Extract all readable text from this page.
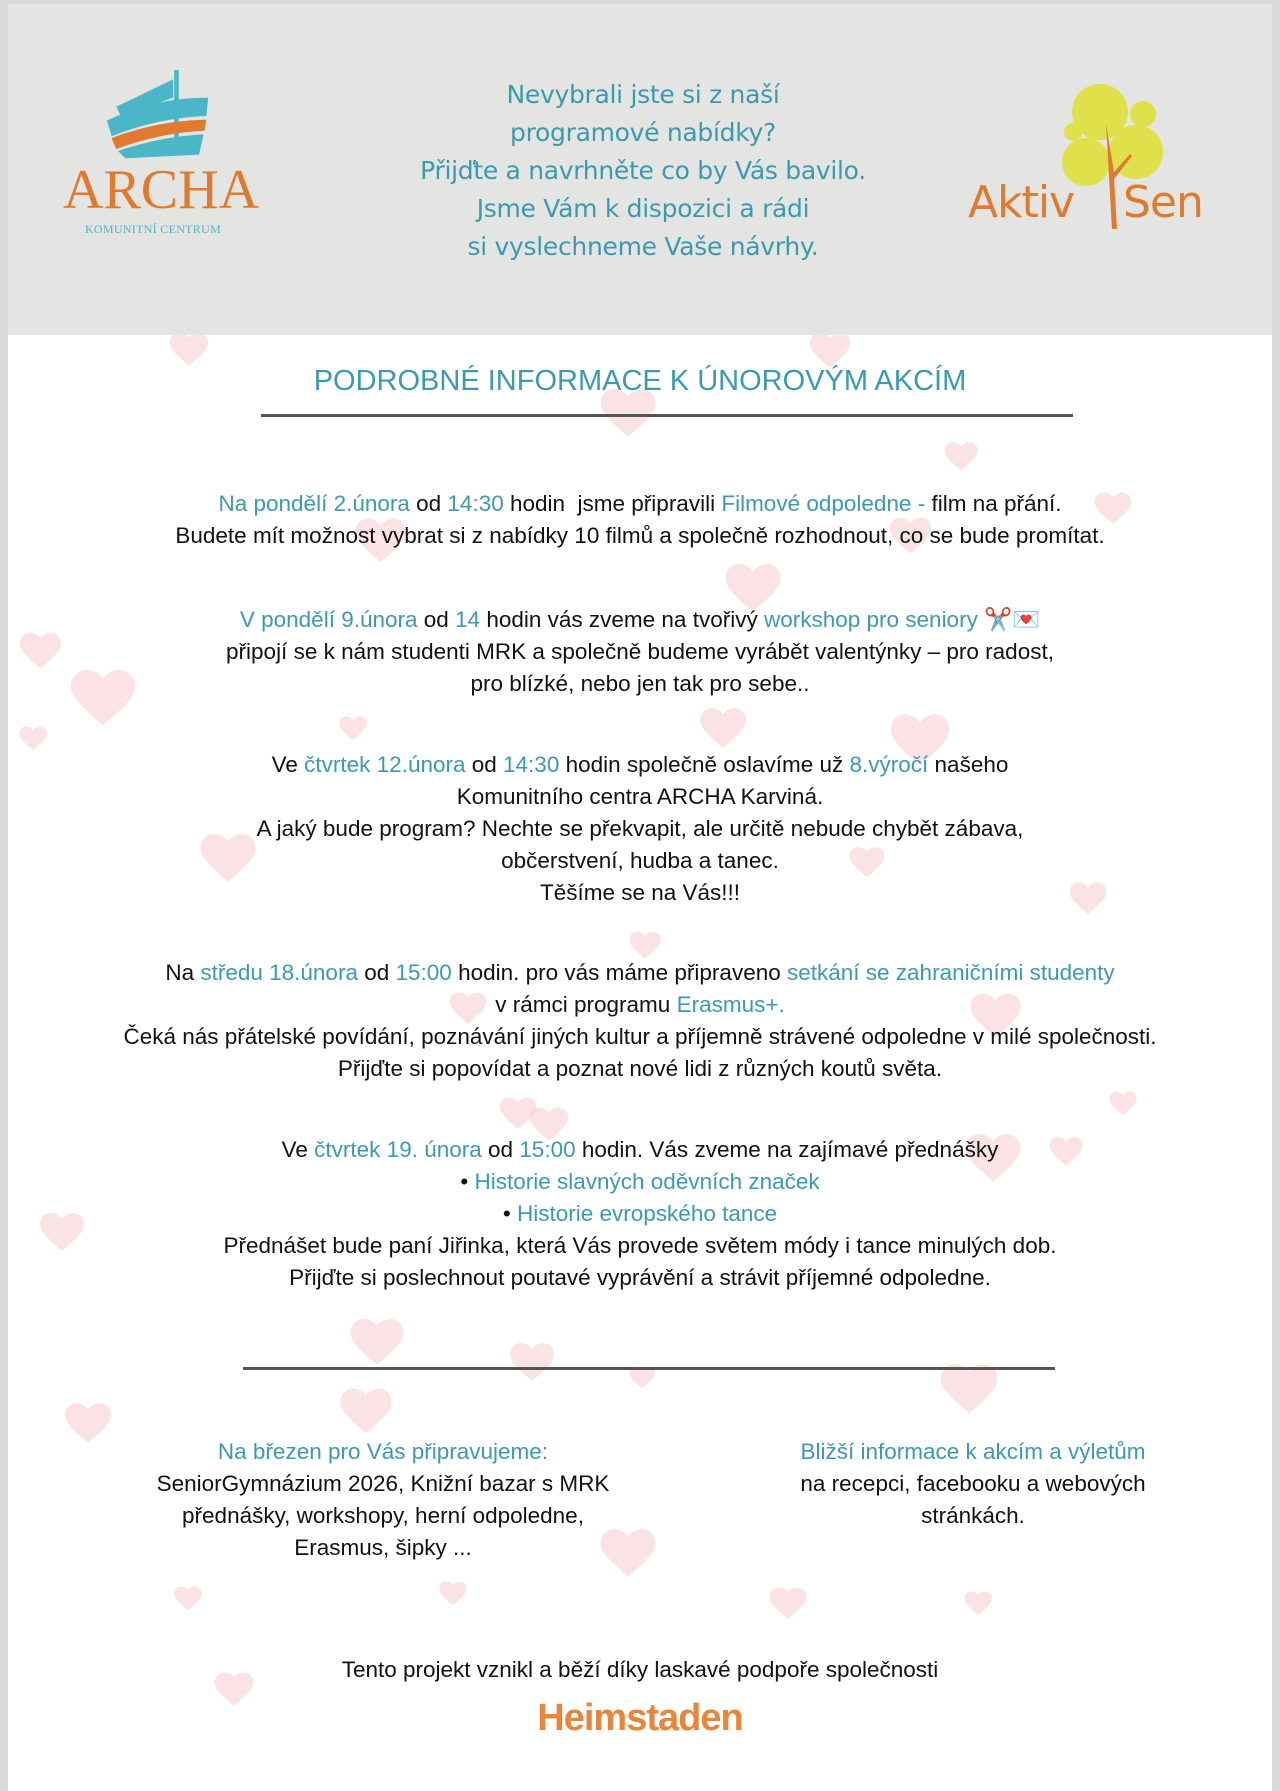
ARCHA
KOMUNITNÍ CENTRUM
Nevybrali jste si z naší
programové nabídky?
Přijďte a navrhněte co by Vás bavilo.
Jsme Vám k dispozici a rádi
si vyslechneme Vaše návrhy.
Aktiv Sen
PODROBNÉ INFORMACE K ÚNOROVÝM AKCÍM
Na pondělí 2.února od 14:30 hodin  jsme připravili Filmové odpoledne - film na přání.
Budete mít možnost vybrat si z nabídky 10 filmů a společně rozhodnout, co se bude promítat.
V pondělí 9.února od 14 hodin vás zveme na tvořivý workshop pro seniory ✂️💌
připojí se k nám studenti MRK a společně budeme vyrábět valentýnky – pro radost,
pro blízké, nebo jen tak pro sebe..
Ve čtvrtek 12.února od 14:30 hodin společně oslavíme už 8.výročí našeho
Komunitního centra ARCHA Karviná.
A jaký bude program? Nechte se překvapit, ale určitě nebude chybět zábava,
občerstvení, hudba a tanec.
Těšíme se na Vás!!!
Na středu 18.února od 15:00 hodin. pro vás máme připraveno setkání se zahraničními studenty
v rámci programu Erasmus+.
Čeká nás přátelské povídání, poznávání jiných kultur a příjemně strávené odpoledne v milé společnosti.
Přijďte si popovídat a poznat nové lidi z různých koutů světa.
Ve čtvrtek 19. února od 15:00 hodin. Vás zveme na zajímavé přednášky
• Historie slavných oděvních značek
• Historie evropského tance
Přednášet bude paní Jiřinka, která Vás provede světem módy i tance minulých dob.
Přijďte si poslechnout poutavé vyprávění a strávit příjemné odpoledne.
Na březen pro Vás připravujeme:
SeniorGymnázium 2026, Knižní bazar s MRK
přednášky, workshopy, herní odpoledne,
Erasmus, šipky ...
Bližší informace k akcím a výletům
na recepci, facebooku a webových
stránkách.
Tento projekt vznikl a běží díky laskavé podpoře společnosti
Heimstaden
